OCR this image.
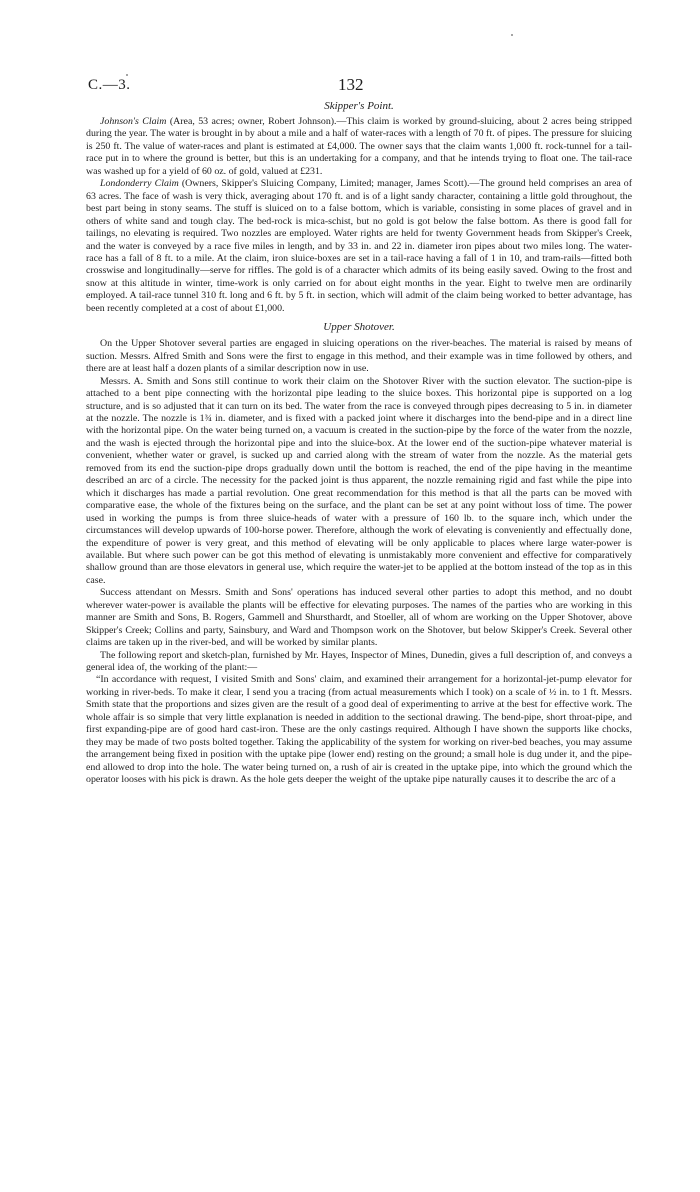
C.—3.	132
Skipper's Point.

Johnson's Claim (Area, 53 acres; owner, Robert Johnson).—This claim is worked by ground-sluicing, about 2 acres being stripped during the year. The water is brought in by about a mile and a half of water-races with a length of 70 ft. of pipes. The pressure for sluicing is 250 ft. The value of water-races and plant is estimated at £4,000. The owner says that the claim wants 1,000 ft. rock-tunnel for a tail-race put in to where the ground is better, but this is an undertaking for a company, and that he intends trying to float one. The tail-race was washed up for a yield of 60 oz. of gold, valued at £231.

Londonderry Claim (Owners, Skipper's Sluicing Company, Limited; manager, James Scott).—The ground held comprises an area of 63 acres. The face of wash is very thick, averaging about 170 ft. and is of a light sandy character, containing a little gold throughout, the best part being in stony seams. The stuff is sluiced on to a false bottom, which is variable, consisting in some places of gravel and in others of white sand and tough clay. The bed-rock is mica-schist, but no gold is got below the false bottom. As there is good fall for tailings, no elevating is required. Two nozzles are employed. Water rights are held for twenty Government heads from Skipper's Creek, and the water is conveyed by a race five miles in length, and by 33 in. and 22 in. diameter iron pipes about two miles long. The water-race has a fall of 8 ft. to a mile. At the claim, iron sluice-boxes are set in a tail-race having a fall of 1 in 10, and tram-rails—fitted both crosswise and longitudinally—serve for riffles. The gold is of a character which admits of its being easily saved. Owing to the frost and snow at this altitude in winter, time-work is only carried on for about eight months in the year. Eight to twelve men are ordinarily employed. A tail-race tunnel 310 ft. long and 6 ft. by 5 ft. in section, which will admit of the claim being worked to better advantage, has been recently completed at a cost of about £1,000.

Upper Shotover.

On the Upper Shotover several parties are engaged in sluicing operations on the river-beaches. The material is raised by means of suction. Messrs. Alfred Smith and Sons were the first to engage in this method, and their example was in time followed by others, and there are at least half a dozen plants of a similar description now in use.

Messrs. A. Smith and Sons still continue to work their claim on the Shotover River with the suction elevator. The suction-pipe is attached to a bent pipe connecting with the horizontal pipe leading to the sluice boxes. This horizontal pipe is supported on a log structure, and is so adjusted that it can turn on its bed. The water from the race is conveyed through pipes decreasing to 5 in. in diameter at the nozzle. The nozzle is 1¾ in. diameter, and is fixed with a packed joint where it discharges into the bend-pipe and in a direct line with the horizontal pipe. On the water being turned on, a vacuum is created in the suction-pipe by the force of the water from the nozzle, and the wash is ejected through the horizontal pipe and into the sluice-box. At the lower end of the suction-pipe whatever material is convenient, whether water or gravel, is sucked up and carried along with the stream of water from the nozzle. As the material gets removed from its end the suction-pipe drops gradually down until the bottom is reached, the end of the pipe having in the meantime described an arc of a circle. The necessity for the packed joint is thus apparent, the nozzle remaining rigid and fast while the pipe into which it discharges has made a partial revolution. One great recommendation for this method is that all the parts can be moved with comparative ease, the whole of the fixtures being on the surface, and the plant can be set at any point without loss of time. The power used in working the pumps is from three sluice-heads of water with a pressure of 160 lb. to the square inch, which under the circumstances will develop upwards of 100-horse power. Therefore, although the work of elevating is conveniently and effectually done, the expenditure of power is very great, and this method of elevating will be only applicable to places where large water-power is available. But where such power can be got this method of elevating is unmistakably more convenient and effective for comparatively shallow ground than are those elevators in general use, which require the water-jet to be applied at the bottom instead of the top as in this case.

Success attendant on Messrs. Smith and Sons' operations has induced several other parties to adopt this method, and no doubt wherever water-power is available the plants will be effective for elevating purposes. The names of the parties who are working in this manner are Smith and Sons, B. Rogers, Gammell and Shursthardt, and Stoeller, all of whom are working on the Upper Shotover, above Skipper's Creek; Collins and party, Sainsbury, and Ward and Thompson work on the Shotover, but below Skipper's Creek. Several other claims are taken up in the river-bed, and will be worked by similar plants.

The following report and sketch-plan, furnished by Mr. Hayes, Inspector of Mines, Dunedin, gives a full description of, and conveys a general idea of, the working of the plant:—

“In accordance with request, I visited Smith and Sons' claim, and examined their arrangement for a horizontal-jet-pump elevator for working in river-beds. To make it clear, I send you a tracing (from actual measurements which I took) on a scale of ½ in. to 1 ft. Messrs. Smith state that the proportions and sizes given are the result of a good deal of experimenting to arrive at the best for effective work. The whole affair is so simple that very little explanation is needed in addition to the sectional drawing. The bend-pipe, short throat-pipe, and first expanding-pipe are of good hard cast-iron. These are the only castings required. Although I have shown the supports like chocks, they may be made of two posts bolted together. Taking the applicability of the system for working on river-bed beaches, you may assume the arrangement being fixed in position with the uptake pipe (lower end) resting on the ground; a small hole is dug under it, and the pipe-end allowed to drop into the hole. The water being turned on, a rush of air is created in the uptake pipe, into which the ground which the operator looses with his pick is drawn. As the hole gets deeper the weight of the uptake pipe naturally causes it to describe the arc of a
